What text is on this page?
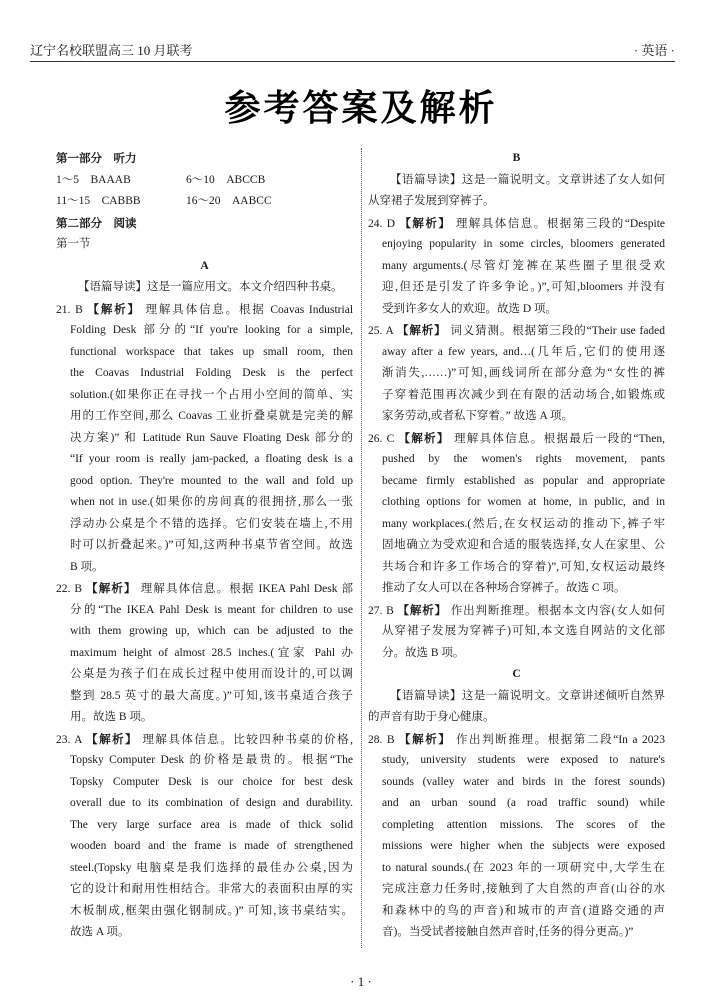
辽宁名校联盟高三 10 月联考	· 英语 ·
参考答案及解析
第一部分　听力
1～5　BAAAB	6～10　ABCCB
11～15　CABBB	16～20　AABCC
第二部分　阅读
第一节
A
【语篇导读】这是一篇应用文。本文介绍四种书桌。
21. B 【解析】 理解具体信息。根据 Coavas Industrial
Folding Desk 部分的“If you're looking for a simple,
functional workspace that takes up small room, then
the Coavas Industrial Folding Desk is the perfect
solution.(如果你正在寻找一个占用小空间的简单、实
用的工作空间,那么 Coavas 工业折叠桌就是完美的解
决方案)” 和 Latitude Run Sauve Floating Desk 部分的
“If your room is really jam-packed, a floating desk is a
good option. They're mounted to the wall and fold up
when not in use.(如果你的房间真的很拥挤,那么一张
浮动办公桌是个不错的选择。它们安装在墙上,不用
时可以折叠起来。)”可知,这两种书桌节省空间。故选
B 项。
22. B 【解析】 理解具体信息。根据 IKEA Pahl Desk 部
分的“The IKEA Pahl Desk is meant for children to use
with them growing up, which can be adjusted to the
maximum height of almost 28.5 inches.(宜家 Pahl 办
公桌是为孩子们在成长过程中使用而设计的,可以调
整到 28.5 英寸的最大高度。)”可知,该书桌适合孩子
用。故选 B 项。
23. A 【解析】 理解具体信息。比较四种书桌的价格,
Topsky Computer Desk 的价格是最贵的。根据“The
Topsky Computer Desk is our choice for best desk
overall due to its combination of design and durability.
The very large surface area is made of thick solid
wooden board and the frame is made of strengthened
steel.(Topsky 电脑桌是我们选择的最佳办公桌,因为
它的设计和耐用性相结合。非常大的表面积由厚的实
木板制成,框架由强化钢制成。)” 可知,该书桌结实。
故选 A 项。
B
【语篇导读】这是一篇说明文。文章讲述了女人如何
从穿裙子发展到穿裤子。
24. D 【解析】 理解具体信息。根据第三段的“Despite
enjoying popularity in some circles, bloomers generated
many arguments.(尽管灯笼裤在某些圈子里很受欢
迎,但还是引发了许多争论。)”,可知,bloomers 并没有
受到许多女人的欢迎。故选 D 项。
25. A 【解析】 词义猜测。根据第三段的“Their use faded
away after a few years, and…(几年后,它们的使用逐
渐消失,……)”可知,画线词所在部分意为“女性的裤
子穿着范围再次减少到在有限的活动场合,如锻炼或
家务劳动,或者私下穿着。” 故选 A 项。
26. C 【解析】 理解具体信息。根据最后一段的“Then,
pushed by the women's rights movement, pants
became firmly established as popular and appropriate
clothing options for women at home, in public, and in
many workplaces.(然后,在女权运动的推动下,裤子牢
固地确立为受欢迎和合适的服装选择,女人在家里、公
共场合和许多工作场合的穿着)”,可知,女权运动最终
推动了女人可以在各种场合穿裤子。故选 C 项。
27. B 【解析】 作出判断推理。根据本文内容(女人如何
从穿裙子发展为穿裤子)可知,本文选自网站的文化部
分。故选 B 项。
C
【语篇导读】这是一篇说明文。文章讲述倾听自然界
的声音有助于身心健康。
28. B 【解析】 作出判断推理。根据第二段“In a 2023
study, university students were exposed to nature's
sounds (valley water and birds in the forest sounds)
and an urban sound (a road traffic sound) while
completing attention missions. The scores of the
missions were higher when the subjects were exposed
to natural sounds.(在 2023 年的一项研究中,大学生在
完成注意力任务时,接触到了大自然的声音(山谷的水
和森林中的鸟的声音)和城市的声音(道路交通的声
音)。当受试者接触自然声音时,任务的得分更高。)”
· 1 ·
